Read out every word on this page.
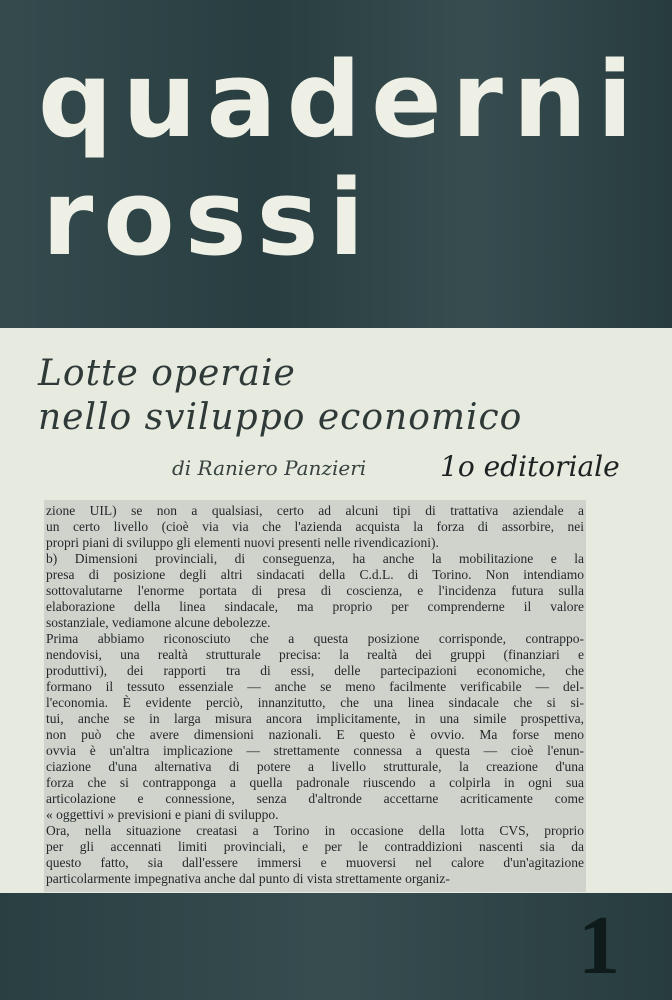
quaderni
rossi
Lotte operaie
nello sviluppo economico
di Raniero Panzieri	1o editoriale
zione UIL) se non a qualsiasi, certo ad alcuni tipi di trattativa aziendale a
un certo livello (cioè via via che l'azienda acquista la forza di assorbire, nei
propri piani di sviluppo gli elementi nuovi presenti nelle rivendicazioni).
b) Dimensioni provinciali, di conseguenza, ha anche la mobilitazione e la
presa di posizione degli altri sindacati della C.d.L. di Torino. Non intendiamo
sottovalutarne l'enorme portata di presa di coscienza, e l'incidenza futura sulla
elaborazione della linea sindacale, ma proprio per comprenderne il valore
sostanziale, vediamone alcune debolezze.
Prima abbiamo riconosciuto che a questa posizione corrisponde, contrappo-
nendovisi, una realtà strutturale precisa: la realtà dei gruppi (finanziari e
produttivi), dei rapporti tra di essi, delle partecipazioni economiche, che
formano il tessuto essenziale — anche se meno facilmente verificabile — del-
l'economia. È evidente perciò, innanzitutto, che una linea sindacale che si si-
tui, anche se in larga misura ancora implicitamente, in una simile prospettiva,
non può che avere dimensioni nazionali. E questo è ovvio. Ma forse meno
ovvia è un'altra implicazione — strettamente connessa a questa — cioè l'enun-
ciazione d'una alternativa di potere a livello strutturale, la creazione d'una
forza che si contrapponga a quella padronale riuscendo a colpirla in ogni sua
articolazione e connessione, senza d'altronde accettarne acriticamente come
« oggettivi » previsioni e piani di sviluppo.
Ora, nella situazione creatasi a Torino in occasione della lotta CVS, proprio
per gli accennati limiti provinciali, e per le contraddizioni nascenti sia da
questo fatto, sia dall'essere immersi e muoversi nel calore d'un'agitazione
particolarmente impegnativa anche dal punto di vista strettamente organiz-
1
